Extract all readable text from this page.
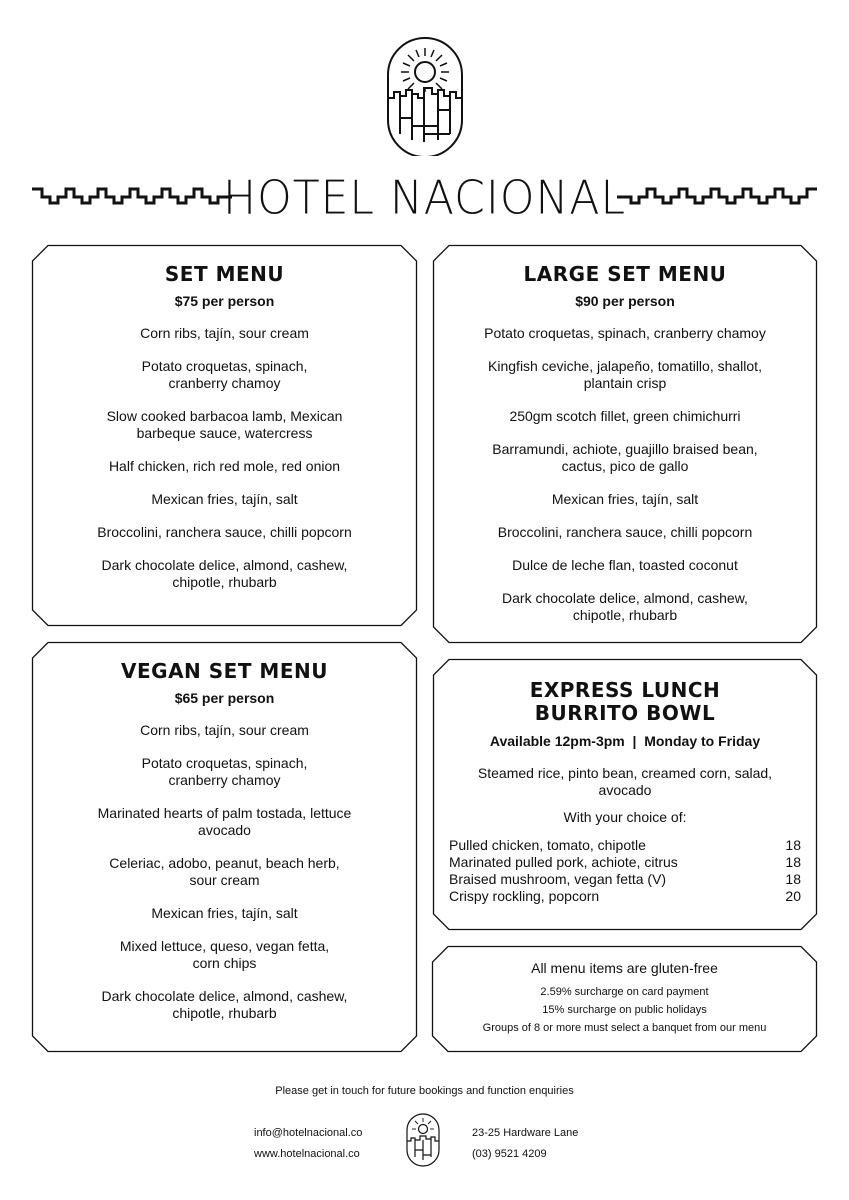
HOTEL NACIONAL
SET MENU
$75 per person
Corn ribs, tajín, sour cream
Potato croquetas, spinach,
cranberry chamoy
Slow cooked barbacoa lamb, Mexican
barbeque sauce, watercress
Half chicken, rich red mole, red onion
Mexican fries, tajín, salt
Broccolini, ranchera sauce, chilli popcorn
Dark chocolate delice, almond, cashew,
chipotle, rhubarb
LARGE SET MENU
$90 per person
Potato croquetas, spinach, cranberry chamoy
Kingfish ceviche, jalapeño, tomatillo, shallot,
plantain crisp
250gm scotch fillet, green chimichurri
Barramundi, achiote, guajillo braised bean,
cactus, pico de gallo
Mexican fries, tajín, salt
Broccolini, ranchera sauce, chilli popcorn
Dulce de leche flan, toasted coconut
Dark chocolate delice, almond, cashew,
chipotle, rhubarb
VEGAN SET MENU
$65 per person
Corn ribs, tajín, sour cream
Potato croquetas, spinach,
cranberry chamoy
Marinated hearts of palm tostada, lettuce
avocado
Celeriac, adobo, peanut, beach herb,
sour cream
Mexican fries, tajín, salt
Mixed lettuce, queso, vegan fetta,
corn chips
Dark chocolate delice, almond, cashew,
chipotle, rhubarb
EXPRESS LUNCH
BURRITO BOWL
Available 12pm-3pm  |  Monday to Friday
Steamed rice, pinto bean, creamed corn, salad,
avocado
With your choice of:
Pulled chicken, tomato, chipotle	18
Marinated pulled pork, achiote, citrus	18
Braised mushroom, vegan fetta (V)	18
Crispy rockling, popcorn	20
All menu items are gluten-free
2.59% surcharge on card payment
15% surcharge on public holidays
Groups of 8 or more must select a banquet from our menu
Please get in touch for future bookings and function enquiries
info@hotelnacional.co
www.hotelnacional.co
23-25 Hardware Lane
(03) 9521 4209
